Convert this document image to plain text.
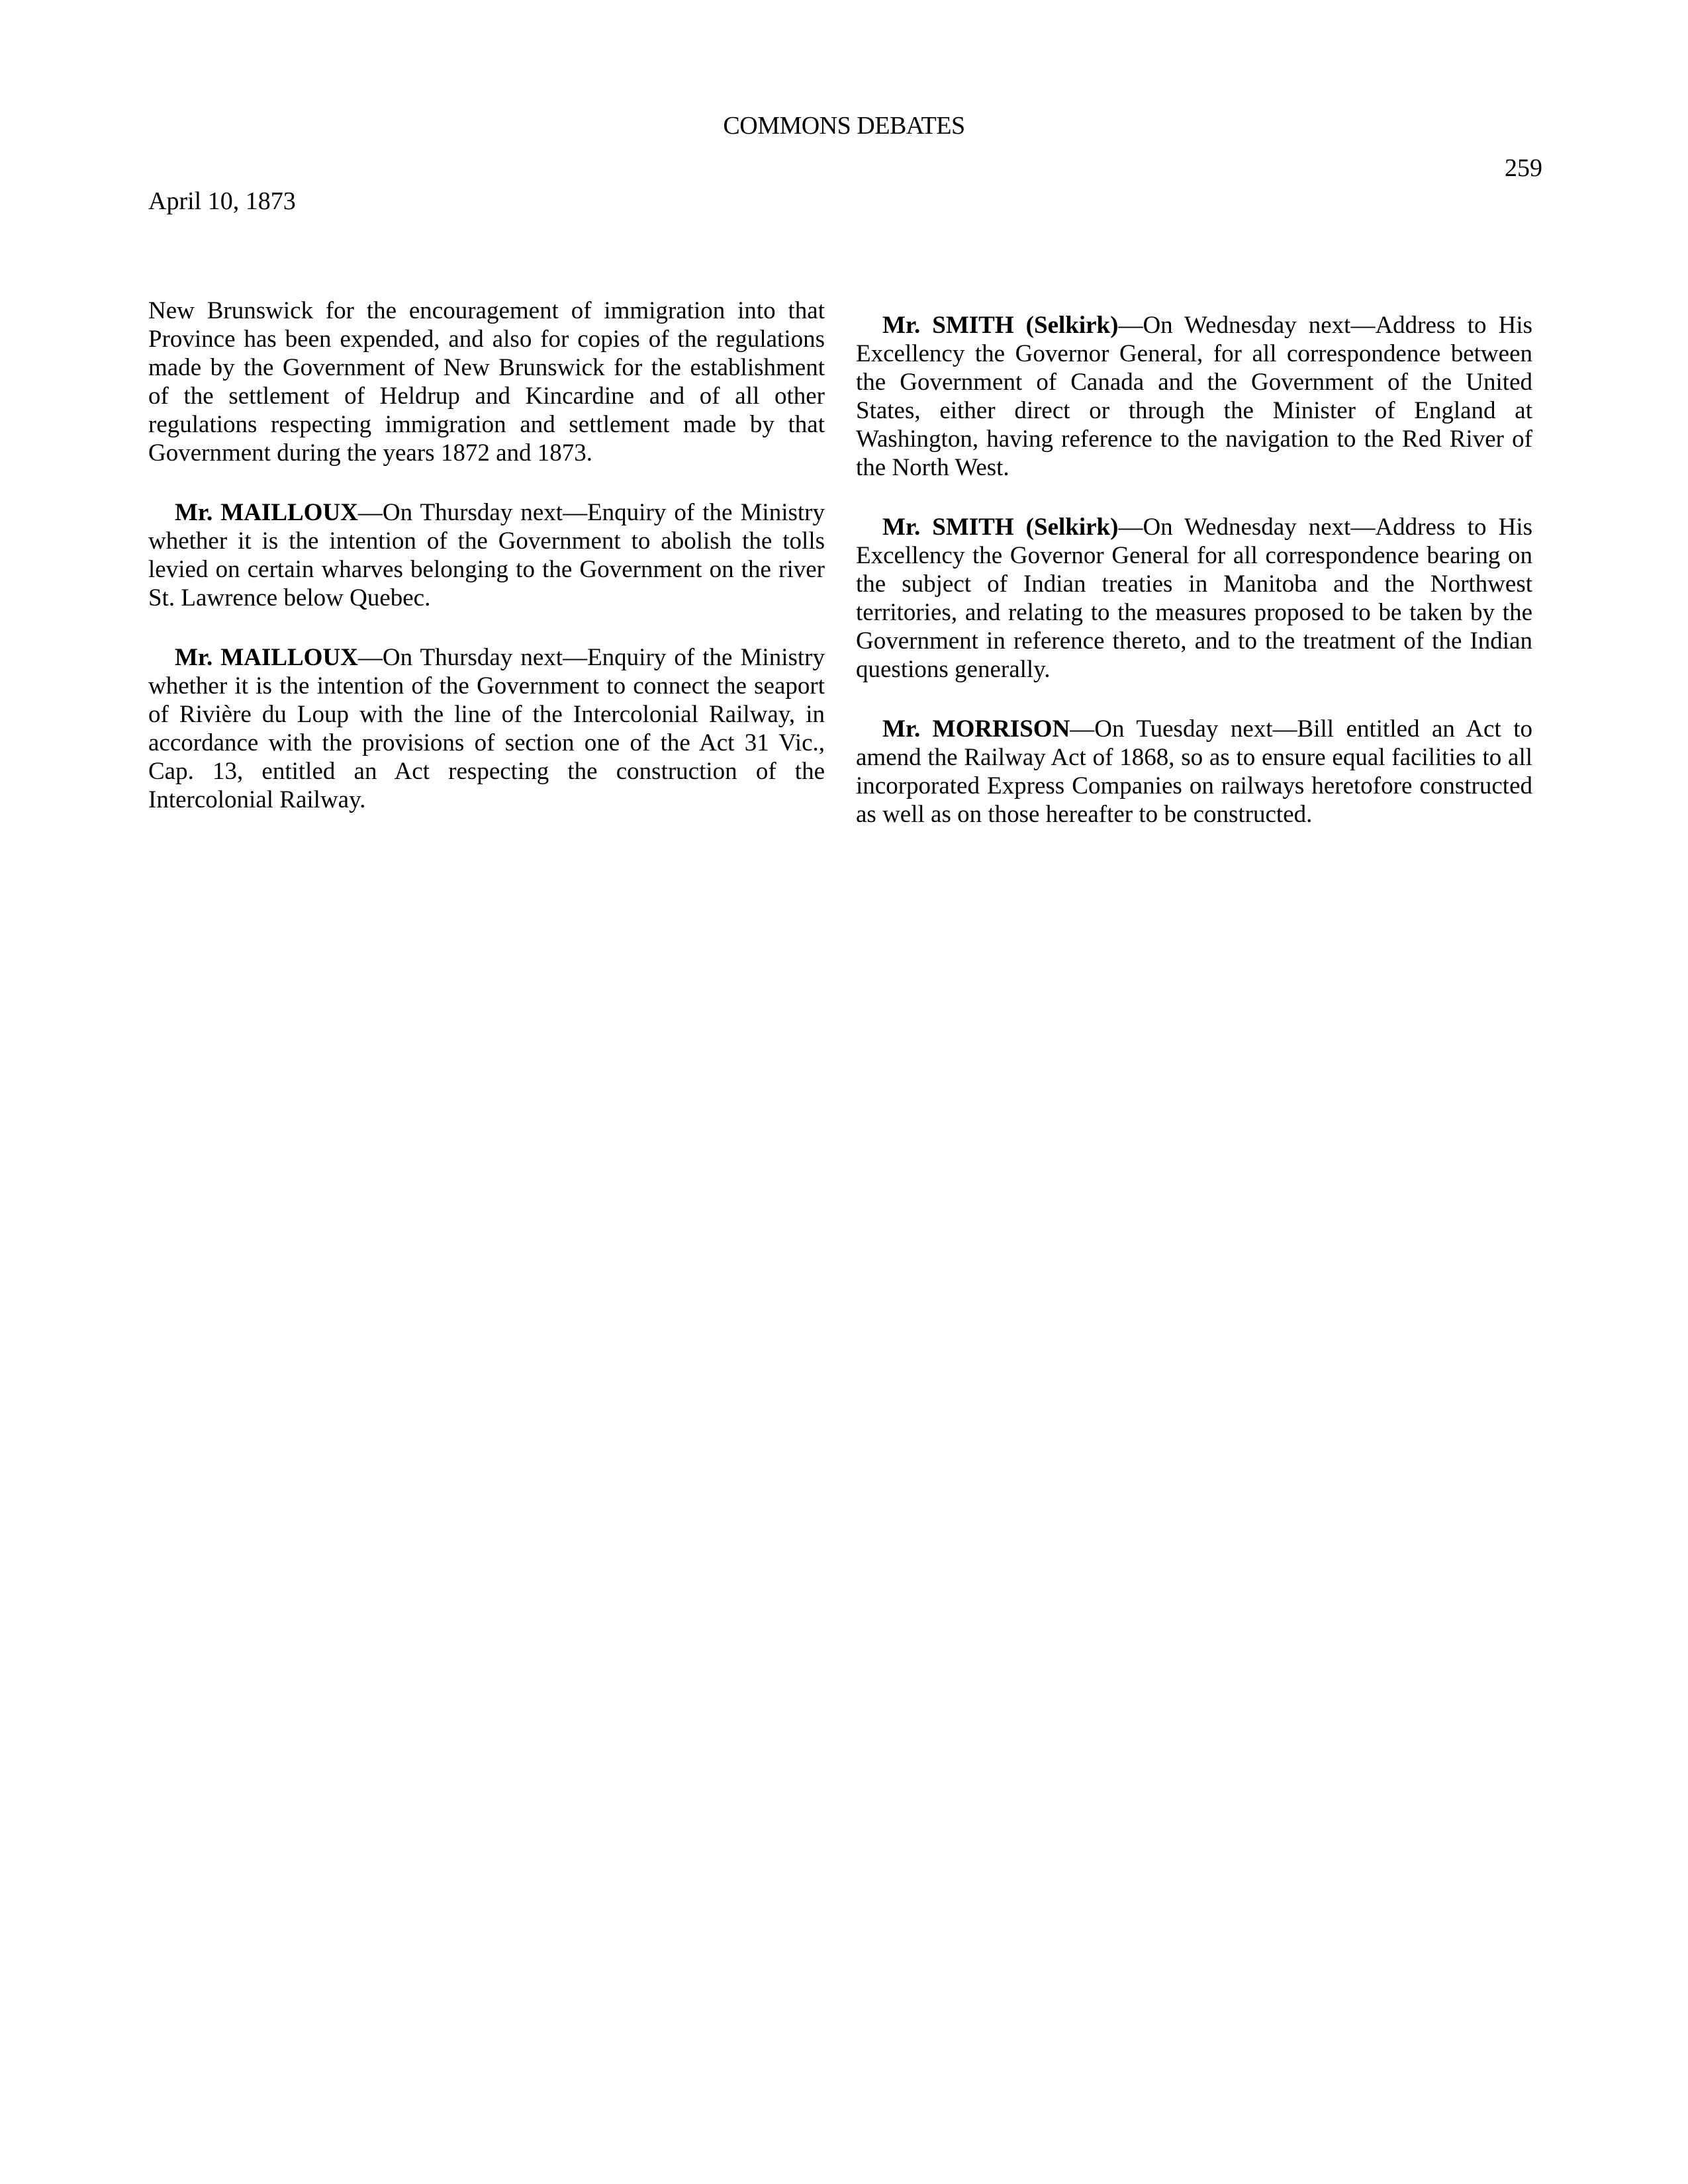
COMMONS DEBATES
259
April 10, 1873

New Brunswick for the encouragement of immigration into that Province has been expended, and also for copies of the regulations made by the Government of New Brunswick for the establishment of the settlement of Heldrup and Kincardine and of all other regulations respecting immigration and settlement made by that Government during the years 1872 and 1873.

Mr. MAILLOUX—On Thursday next—Enquiry of the Ministry whether it is the intention of the Government to abolish the tolls levied on certain wharves belonging to the Government on the river St. Lawrence below Quebec.

Mr. MAILLOUX—On Thursday next—Enquiry of the Ministry whether it is the intention of the Government to connect the seaport of Rivière du Loup with the line of the Intercolonial Railway, in accordance with the provisions of section one of the Act 31 Vic., Cap. 13, entitled an Act respecting the construction of the Intercolonial Railway.

Mr. SMITH (Selkirk)—On Wednesday next—Address to His Excellency the Governor General, for all correspondence between the Government of Canada and the Government of the United States, either direct or through the Minister of England at Washington, having reference to the navigation to the Red River of the North West.

Mr. SMITH (Selkirk)—On Wednesday next—Address to His Excellency the Governor General for all correspondence bearing on the subject of Indian treaties in Manitoba and the Northwest territories, and relating to the measures proposed to be taken by the Government in reference thereto, and to the treatment of the Indian questions generally.

Mr. MORRISON—On Tuesday next—Bill entitled an Act to amend the Railway Act of 1868, so as to ensure equal facilities to all incorporated Express Companies on railways heretofore constructed as well as on those hereafter to be constructed.
